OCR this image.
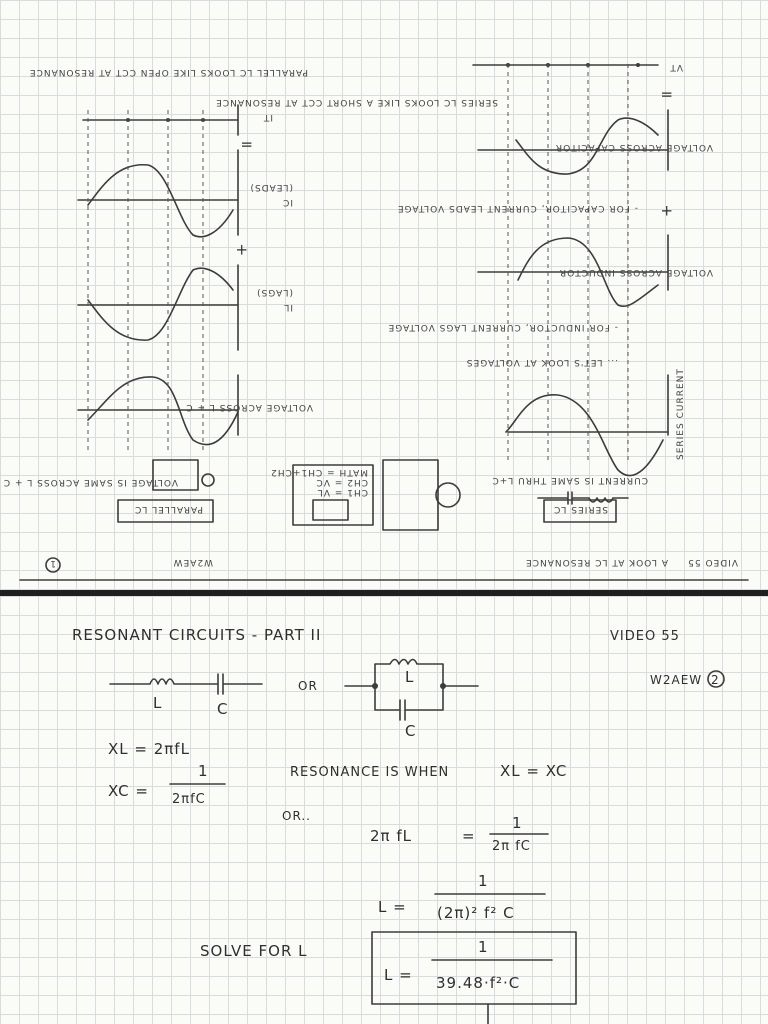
VIDEO 55
A LOOK AT LC RESONANCE
W2AEW
1
SERIES LC
CURRENT IS SAME THRU L+C
SERIES CURRENT
... LET'S LOOK AT VOLTAGES
- FOR INDUCTOR, CURRENT LAGS VOLTAGE
VOLTAGE ACROSS INDUCTOR
+
- FOR CAPACITOR, CURRENT LEADS VOLTAGE
VOLTAGE ACROSS CAPACITOR
=
VT
SERIES LC LOOKS LIKE A SHORT CCT AT RESONANCE
CH1 = VL
CH2 = VC
MATH = CH1+CH2
PARALLEL LC
VOLTAGE IS SAME ACROSS L + C
VOLTAGE ACROSS L + C
IL
(LAGS)
+
IC
(LEADS)
=
IT
PARALLEL LC LOOKS LIKE OPEN CCT AT RESONANCE
RESONANT CIRCUITS - PART II	VIDEO 55
W2AEW 2
L	C
OR	L
C
XL = 2πfL
XC =
1
2πfC
RESONANCE IS WHEN	XL = XC
OR..
2π fL	=
1
2π fC
L =
1
(2π)² f² C
SOLVE FOR L
L =
1
39.48·f²·C
